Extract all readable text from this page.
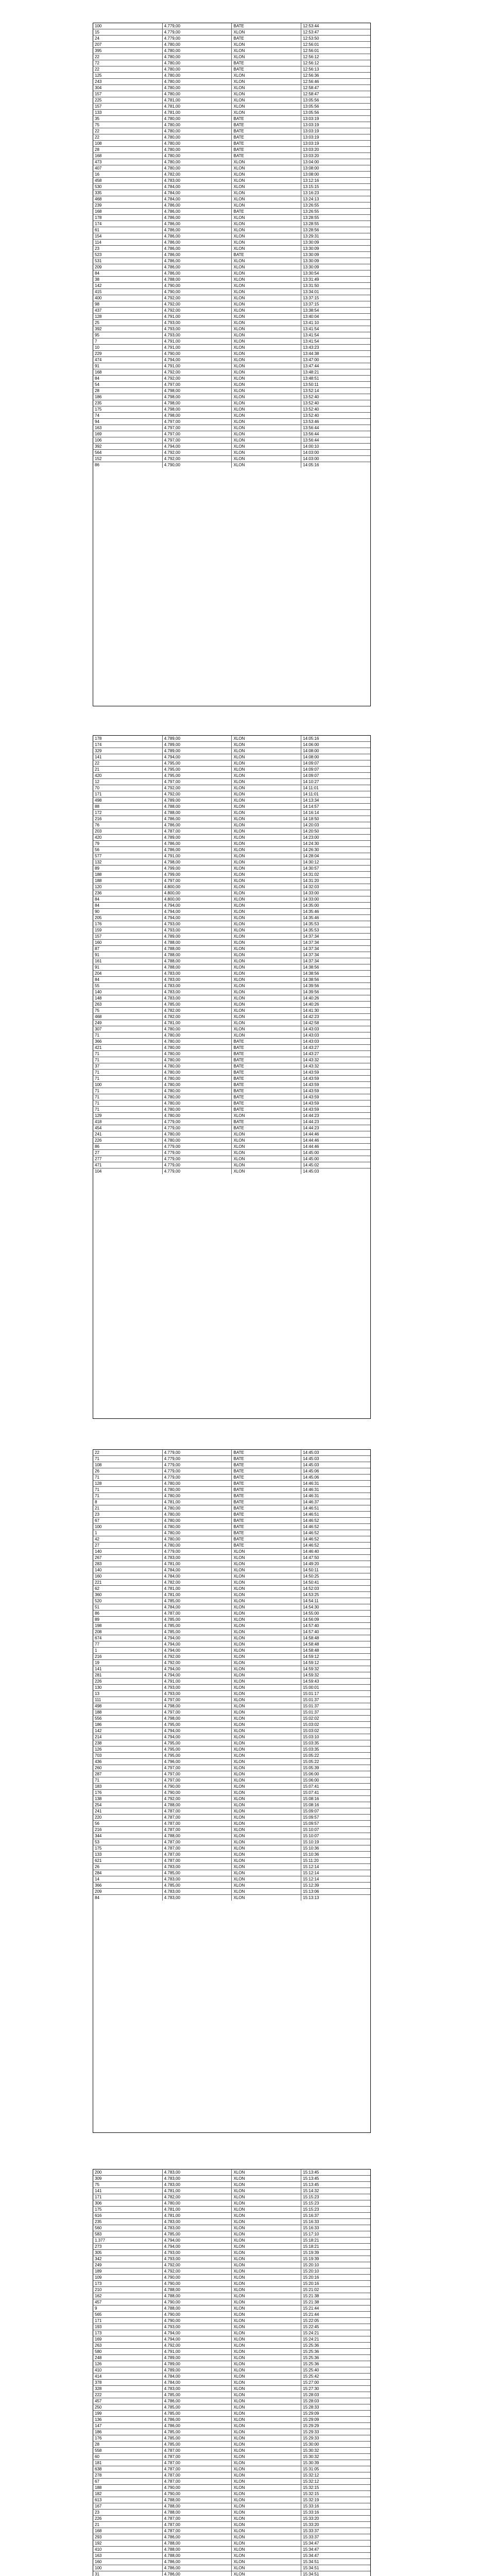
100	4.779,00	BATE	12:53:44
15	4.779,00	XLON	12:53:47
24	4.779,00	BATE	12:53:50
207	4.780,00	XLON	12:56:01
395	4.780,00	XLON	12:56:01
22	4.780,00	XLON	12:56:12
72	4.780,00	BATE	12:56:12
22	4.780,00	BATE	12:56:13
125	4.780,00	XLON	12:56:36
243	4.780,00	XLON	12:56:46
304	4.780,00	XLON	12:58:47
157	4.780,00	XLON	12:58:47
225	4.781,00	XLON	13:05:56
157	4.781,00	XLON	13:05:56
133	4.781,00	XLON	13:05:56
35	4.780,00	BATE	13:03:19
75	4.780,00	BATE	13:03:19
22	4.780,00	BATE	13:03:19
22	4.780,00	BATE	13:03:19
108	4.780,00	BATE	13:03:19
28	4.780,00	BATE	13:03:20
168	4.780,00	BATE	13:03:20
473	4.780,00	XLON	13:04:00
407	4.780,00	XLON	13:08:00
16	4.782,00	XLON	13:08:00
458	4.783,00	XLON	13:12:16
530	4.784,00	XLON	13:15:15
335	4.784,00	XLON	13:16:23
468	4.784,00	XLON	13:24:13
239	4.786,00	XLON	13:26:55
168	4.786,00	BATE	13:26:55
178	4.786,00	XLON	13:28:55
174	4.786,00	XLON	13:28:55
61	4.786,00	XLON	13:28:56
154	4.786,00	XLON	13:29:31
114	4.786,00	XLON	13:30:09
23	4.786,00	XLON	13:30:09
523	4.786,00	BATE	13:30:09
531	4.786,00	XLON	13:30:09
209	4.786,00	XLON	13:30:09
84	4.786,00	XLON	13:30:54
38	4.788,00	XLON	13:31:49
142	4.790,00	XLON	13:31:50
415	4.790,00	XLON	13:34:01
400	4.792,00	XLON	13:37:15
98	4.792,00	XLON	13:37:15
437	4.792,00	XLON	13:38:54
128	4.791,00	XLON	13:40:04
25	4.793,00	XLON	13:41:10
392	4.793,00	XLON	13:41:54
95	4.793,00	XLON	13:41:54
7	4.791,00	XLON	13:41:54
10	4.791,00	XLON	13:43:23
229	4.790,00	XLON	13:44:38
474	4.794,00	XLON	13:47:00
91	4.791,00	XLON	13:47:44
168	4.792,00	XLON	13:48:21
84	4.792,00	XLON	13:48:51
54	4.797,00	XLON	13:50:11
28	4.798,00	XLON	13:52:14
186	4.798,00	XLON	13:52:40
235	4.798,00	XLON	13:52:40
175	4.798,00	XLON	13:52:40
74	4.798,00	XLON	13:52:40
94	4.797,00	XLON	13:53:46
163	4.797,00	XLON	13:56:44
169	4.797,00	XLON	13:56:44
106	4.797,00	XLON	13:56:44
392	4.794,00	XLON	14:00:10
564	4.792,00	XLON	14:03:00
152	4.792,00	XLON	14:03:00
86	4.790,00	XLON	14:05:16
178	4.789,00	XLON	14:05:16
174	4.789,00	XLON	14:06:00
329	4.789,00	XLON	14:08:00
141	4.794,00	XLON	14:08:00
22	4.795,00	XLON	14:09:07
21	4.795,00	XLON	14:09:07
420	4.795,00	XLON	14:09:07
12	4.797,00	XLON	14:10:27
70	4.792,00	XLON	14:11:01
171	4.792,00	XLON	14:11:01
498	4.789,00	XLON	14:13:34
88	4.788,00	XLON	14:14:57
172	4.788,00	XLON	14:16:14
216	4.786,00	XLON	14:18:50
76	4.786,00	XLON	14:20:03
203	4.787,00	XLON	14:20:50
420	4.789,00	XLON	14:23:00
79	4.786,00	XLON	14:24:30
56	4.786,00	XLON	14:26:30
577	4.791,00	XLON	14:28:04
132	4.798,00	XLON	14:30:12
89	4.799,00	XLON	14:30:57
188	4.799,00	XLON	14:31:02
188	4.797,00	XLON	14:31:20
120	4.800,00	XLON	14:32:03
236	4.800,00	XLON	14:33:00
84	4.800,00	XLON	14:33:00
84	4.794,00	XLON	14:35:00
90	4.794,00	XLON	14:35:46
205	4.794,00	XLON	14:35:46
176	4.793,00	XLON	14:35:53
159	4.793,00	XLON	14:35:53
157	4.789,00	XLON	14:37:34
160	4.788,00	XLON	14:37:34
87	4.788,00	XLON	14:37:34
91	4.788,00	XLON	14:37:34
161	4.788,00	XLON	14:37:34
91	4.788,00	XLON	14:38:56
204	4.783,00	XLON	14:38:56
84	4.783,00	XLON	14:38:56
55	4.783,00	XLON	14:39:56
140	4.783,00	XLON	14:39:56
148	4.783,00	XLON	14:40:26
263	4.785,00	XLON	14:40:26
75	4.782,00	XLON	14:41:30
468	4.782,00	XLON	14:42:23
249	4.781,00	XLON	14:42:58
307	4.780,00	XLON	14:43:03
71	4.780,00	XLON	14:43:03
366	4.780,00	BATE	14:43:03
421	4.780,00	BATE	14:43:27
71	4.780,00	BATE	14:43:27
71	4.780,00	BATE	14:43:32
37	4.780,00	BATE	14:43:32
71	4.780,00	BATE	14:43:59
71	4.780,00	BATE	14:43:59
100	4.780,00	BATE	14:43:59
71	4.780,00	BATE	14:43:59
71	4.780,00	BATE	14:43:59
71	4.780,00	BATE	14:43:59
71	4.780,00	BATE	14:43:59
129	4.780,00	XLON	14:44:23
418	4.779,00	BATE	14:44:23
454	4.779,00	BATE	14:44:23
241	4.780,00	XLON	14:44:46
226	4.780,00	XLON	14:44:46
86	4.779,00	XLON	14:44:46
27	4.779,00	XLON	14:45:00
277	4.779,00	XLON	14:45:00
471	4.779,00	XLON	14:45:02
104	4.779,00	XLON	14:45:03
22	4.779,00	BATE	14:45:03
71	4.779,00	BATE	14:45:03
108	4.779,00	BATE	14:45:03
26	4.779,00	BATE	14:45:06
71	4.779,00	BATE	14:45:06
128	4.780,00	BATE	14:46:31
71	4.780,00	BATE	14:46:31
71	4.780,00	BATE	14:46:31
8	4.781,00	BATE	14:46:37
21	4.780,00	BATE	14:46:51
23	4.780,00	BATE	14:46:51
67	4.780,00	BATE	14:46:52
100	4.780,00	BATE	14:46:52
1	4.780,00	BATE	14:46:52
42	4.780,00	BATE	14:46:52
27	4.780,00	BATE	14:46:52
140	4.779,00	XLON	14:46:40
267	4.783,00	XLON	14:47:50
283	4.781,00	XLON	14:49:20
140	4.784,00	XLON	14:50:11
160	4.784,00	XLON	14:50:25
221	4.782,00	XLON	14:50:41
62	4.781,00	XLON	14:52:03
360	4.781,00	XLON	14:53:25
520	4.785,00	XLON	14:54:11
51	4.784,00	XLON	14:54:30
86	4.787,00	XLON	14:55:00
89	4.785,00	XLON	14:56:09
198	4.785,00	XLON	14:57:40
208	4.785,00	XLON	14:57:40
674	4.794,00	XLON	14:58:48
77	4.794,00	XLON	14:58:48
1	4.794,00	XLON	14:58:48
216	4.792,00	XLON	14:59:12
19	4.792,00	XLON	14:59:12
141	4.794,00	XLON	14:59:32
281	4.794,00	XLON	14:59:32
226	4.791,00	XLON	14:59:43
130	4.793,00	XLON	15:00:01
13	4.793,00	XLON	15:01:17
111	4.797,00	XLON	15:01:37
498	4.798,00	XLON	15:01:37
188	4.797,00	XLON	15:01:37
556	4.798,00	XLON	15:02:02
186	4.795,00	XLON	15:03:02
142	4.794,00	XLON	15:03:02
214	4.794,00	XLON	15:03:10
238	4.795,00	XLON	15:03:35
126	4.795,00	XLON	15:03:35
703	4.795,00	XLON	15:05:22
436	4.796,00	XLON	15:05:22
260	4.797,00	XLON	15:05:39
287	4.797,00	XLON	15:06:00
71	4.797,00	XLON	15:06:00
183	4.790,00	XLON	15:07:41
176	4.790,00	XLON	15:07:41
138	4.792,00	XLON	15:08:16
254	4.788,00	XLON	15:08:16
241	4.787,00	XLON	15:09:07
220	4.787,00	XLON	15:09:57
56	4.787,00	XLON	15:09:57
216	4.787,00	XLON	15:10:07
344	4.788,00	XLON	15:10:07
53	4.787,00	XLON	15:10:19
175	4.787,00	XLON	15:10:36
133	4.787,00	XLON	15:10:36
621	4.787,00	XLON	15:11:20
26	4.783,00	XLON	15:12:14
284	4.785,00	XLON	15:12:14
14	4.783,00	XLON	15:12:14
366	4.785,00	XLON	15:12:39
209	4.783,00	XLON	15:13:06
84	4.783,00	XLON	15:13:13
200	4.783,00	XLON	15:13:45
309	4.783,00	XLON	15:13:45
75	4.783,00	XLON	15:13:45
141	4.781,00	XLON	15:14:32
171	4.782,00	XLON	15:15:23
306	4.780,00	XLON	15:15:23
175	4.781,00	XLON	15:15:23
616	4.781,00	XLON	15:16:37
235	4.783,00	XLON	15:16:33
560	4.783,00	XLON	15:16:33
583	4.785,00	XLON	15:17:10
1.377	4.794,00	XLON	15:18:21
273	4.794,00	XLON	15:18:21
305	4.793,00	XLON	15:19:39
342	4.793,00	XLON	15:19:39
249	4.792,00	XLON	15:20:10
189	4.792,00	XLON	15:20:10
109	4.790,00	XLON	15:20:16
173	4.790,00	XLON	15:20:16
210	4.788,00	XLON	15:21:02
162	4.788,00	XLON	15:21:38
457	4.790,00	XLON	15:21:38
9	4.788,00	XLON	15:21:44
565	4.790,00	XLON	15:21:44
171	4.790,00	XLON	15:22:05
193	4.793,00	XLON	15:22:45
173	4.794,00	XLON	15:24:21
169	4.794,00	XLON	15:24:21
263	4.792,00	XLON	15:25:36
580	4.791,00	XLON	15:25:36
248	4.789,00	XLON	15:25:36
126	4.789,00	XLON	15:25:36
410	4.789,00	XLON	15:25:40
414	4.784,00	XLON	15:25:42
378	4.784,00	XLON	15:27:00
328	4.783,00	XLON	15:27:30
222	4.785,00	XLON	15:28:03
457	4.786,00	XLON	15:28:03
250	4.785,00	XLON	15:28:33
199	4.785,00	XLON	15:29:09
136	4.786,00	XLON	15:29:09
147	4.786,00	XLON	15:29:29
186	4.785,00	XLON	15:29:33
176	4.785,00	XLON	15:29:33
28	4.785,00	XLON	15:30:00
558	4.787,00	XLON	15:30:32
60	4.787,00	XLON	15:30:32
181	4.787,00	XLON	15:30:39
638	4.787,00	XLON	15:31:05
278	4.787,00	XLON	15:32:12
67	4.787,00	XLON	15:32:12
188	4.790,00	XLON	15:32:15
182	4.790,00	XLON	15:32:15
613	4.788,00	XLON	15:32:19
167	4.788,00	XLON	15:33:16
23	4.788,00	XLON	15:33:16
226	4.787,00	XLON	15:33:20
21	4.787,00	XLON	15:33:20
168	4.787,00	XLON	15:33:37
293	4.786,00	XLON	15:33:37
192	4.788,00	XLON	15:34:47
410	4.788,00	XLON	15:34:47
163	4.788,00	XLON	15:34:47
160	4.786,00	XLON	15:34:51
100	4.786,00	XLON	15:34:51
31	4.786,00	XLON	15:34:51
